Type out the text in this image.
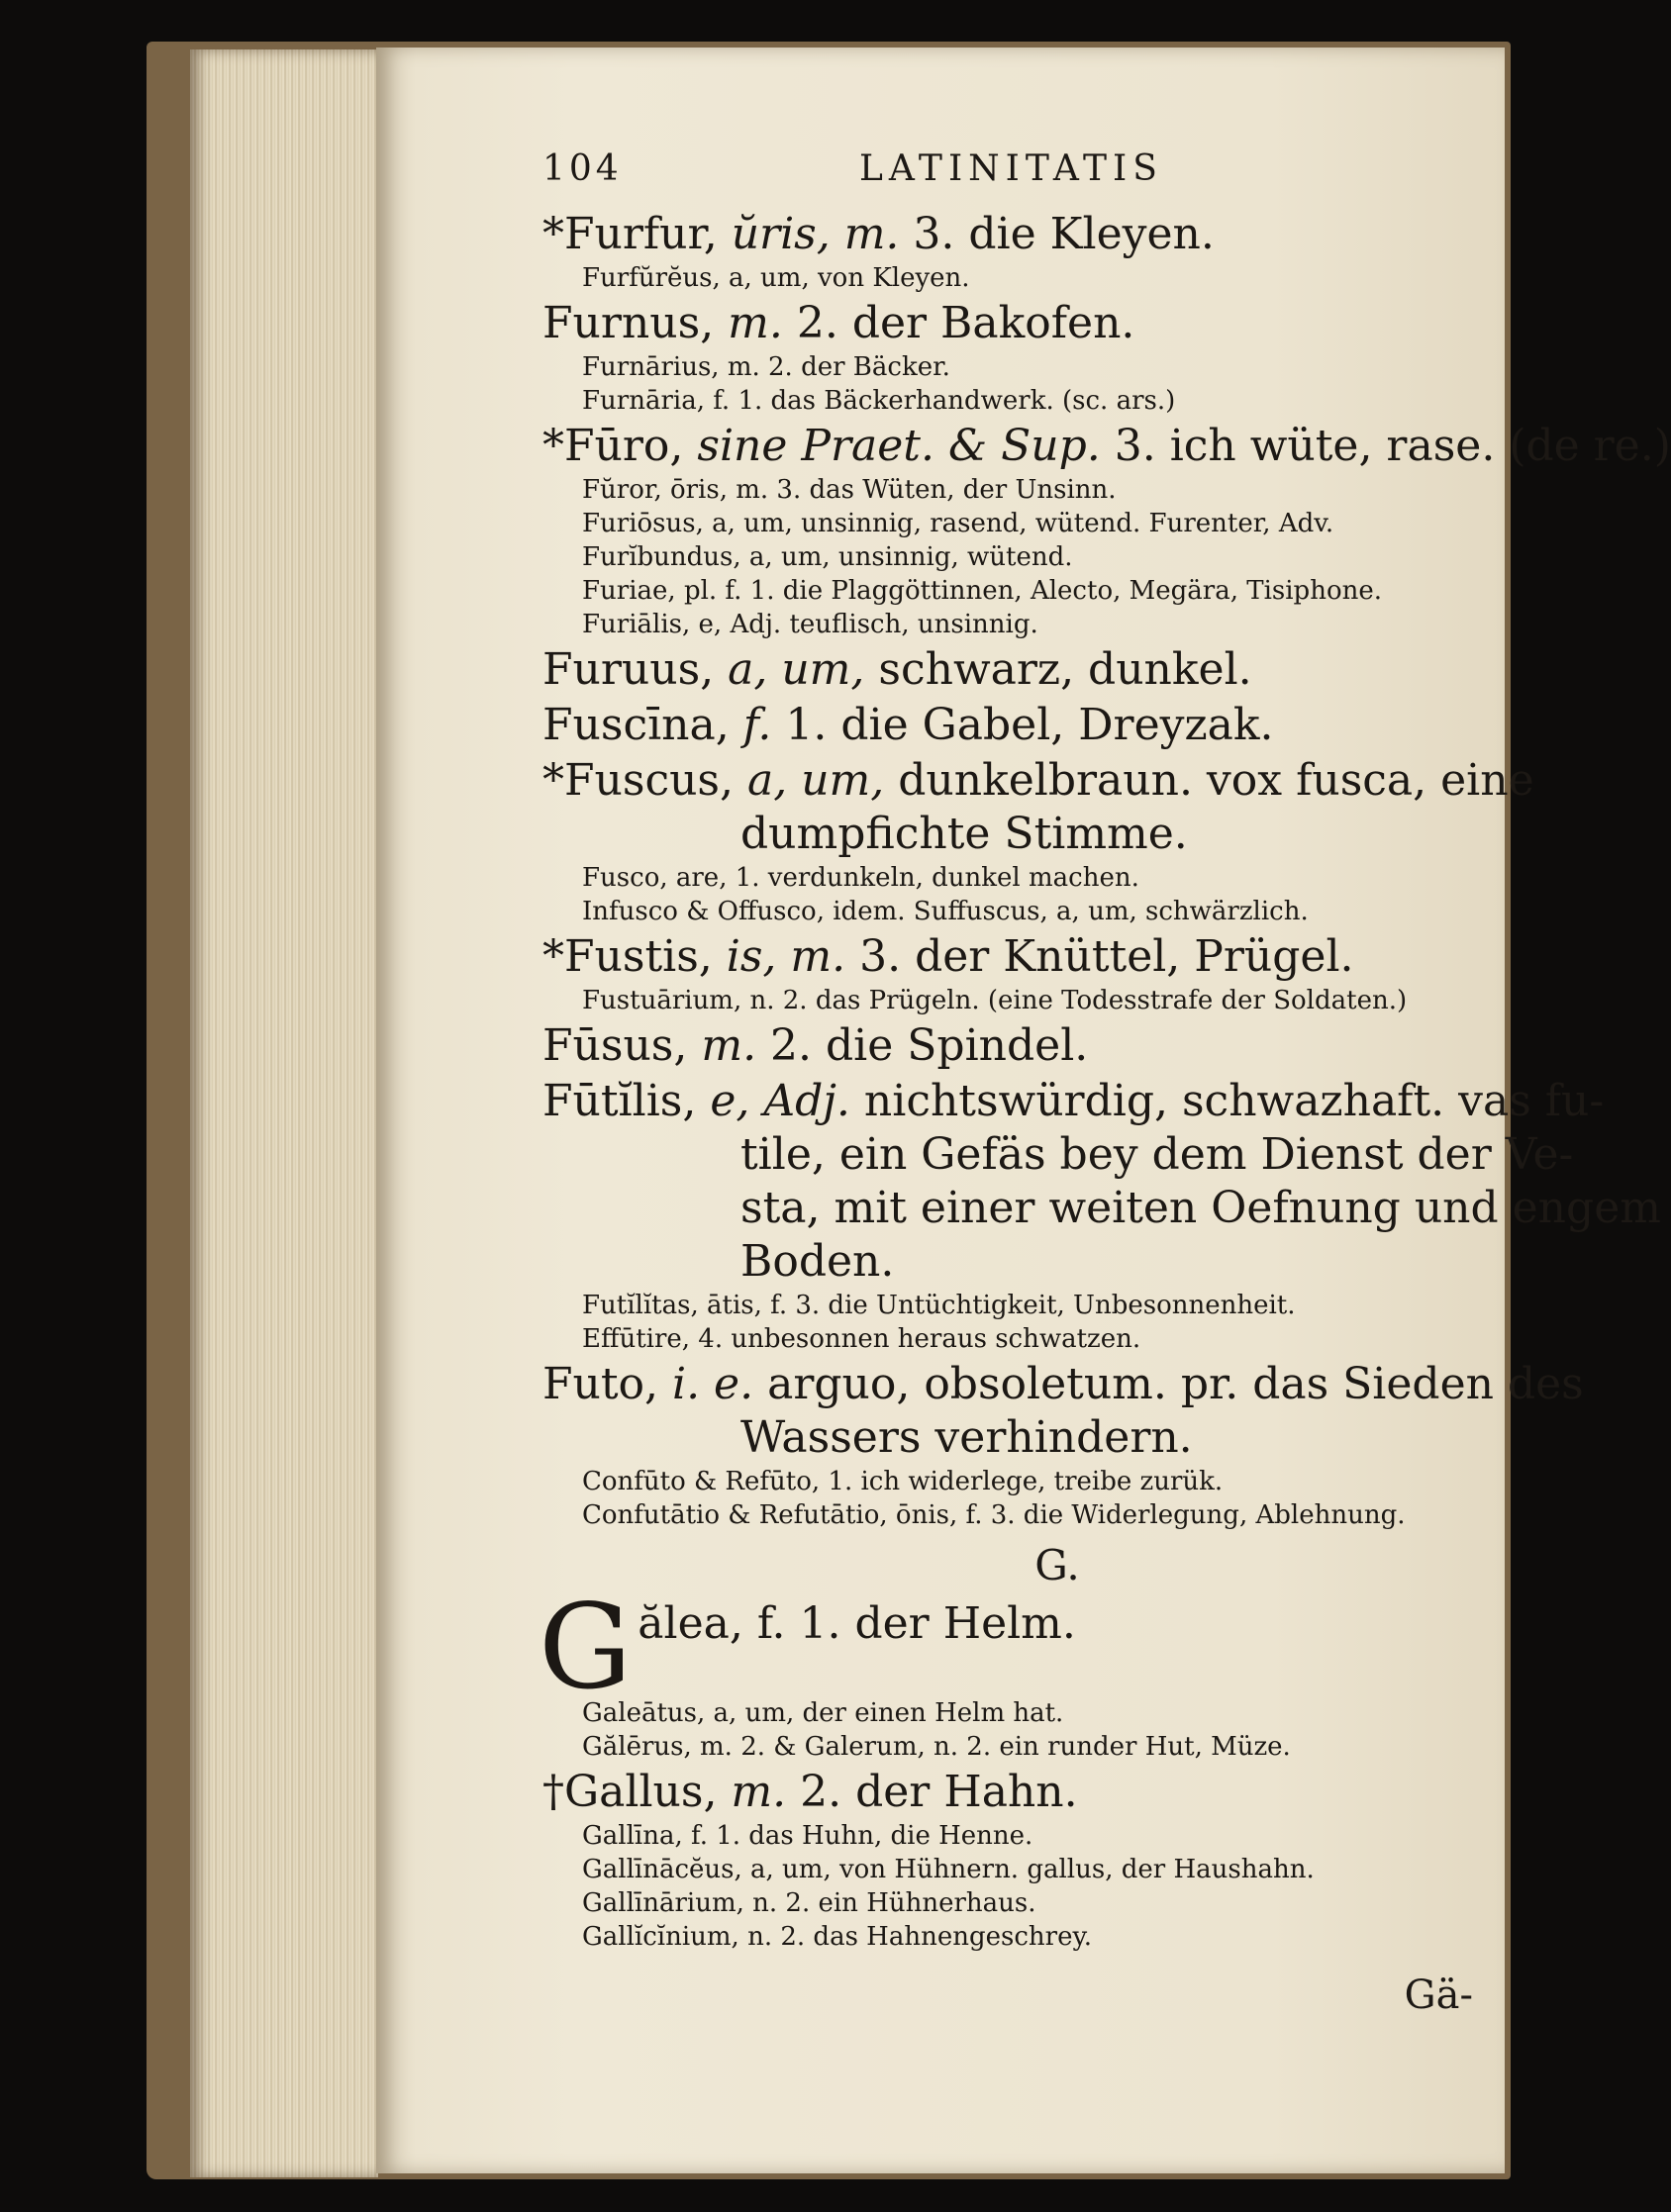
104	LATINITATIS
*Furfur, ŭris, m. 3. die Kleyen.
Furfŭrĕus, a, um, von Kleyen.
Furnus, m. 2. der Bakofen.
Furnārius, m. 2. der Bäcker.
Furnāria, f. 1. das Bäckerhandwerk. (sc. ars.)
*Fūro, sine Praet. & Sup. 3. ich wüte, rase. (de re.)
Fŭror, ōris, m. 3. das Wüten, der Unsinn.
Furiōsus, a, um, unsinnig, rasend, wütend. Furenter, Adv.
Furĭbundus, a, um, unsinnig, wütend.
Furiae, pl. f. 1. die Plaggöttinnen, Alecto, Megära, Tisiphone.
Furiālis, e, Adj. teuflisch, unsinnig.
Furuus, a, um, schwarz, dunkel.
Fuscīna, f. 1. die Gabel, Dreyzak.
*Fuscus, a, um, dunkelbraun. vox fusca, eine
dumpfichte Stimme.
Fusco, are, 1. verdunkeln, dunkel machen.
Infusco & Offusco, idem. Suffuscus, a, um, schwärzlich.
*Fustis, is, m. 3. der Knüttel, Prügel.
Fustuārium, n. 2. das Prügeln. (eine Todesstrafe der Soldaten.)
Fūsus, m. 2. die Spindel.
Fūtĭlis, e, Adj. nichtswürdig, schwazhaft. vas fu-
tile, ein Gefäs bey dem Dienst der Ve-
sta, mit einer weiten Oefnung und engem
Boden.
Futĭlĭtas, ātis, f. 3. die Untüchtigkeit, Unbesonnenheit.
Effūtire, 4. unbesonnen heraus schwatzen.
Futo, i. e. arguo, obsoletum. pr. das Sieden des
Wassers verhindern.
Confūto & Refūto, 1. ich widerlege, treibe zurük.
Confutātio & Refutātio, ōnis, f. 3. die Widerlegung, Ablehnung.
G.
Gălea, f. 1. der Helm.
Galeātus, a, um, der einen Helm hat.
Gălērus, m. 2. & Galerum, n. 2. ein runder Hut, Müze.
†Gallus, m. 2. der Hahn.
Gallīna, f. 1. das Huhn, die Henne.
Gallīnācĕus, a, um, von Hühnern. gallus, der Haushahn.
Gallīnārium, n. 2. ein Hühnerhaus.
Gallĭcĭnium, n. 2. das Hahnengeschrey.
Gä-
